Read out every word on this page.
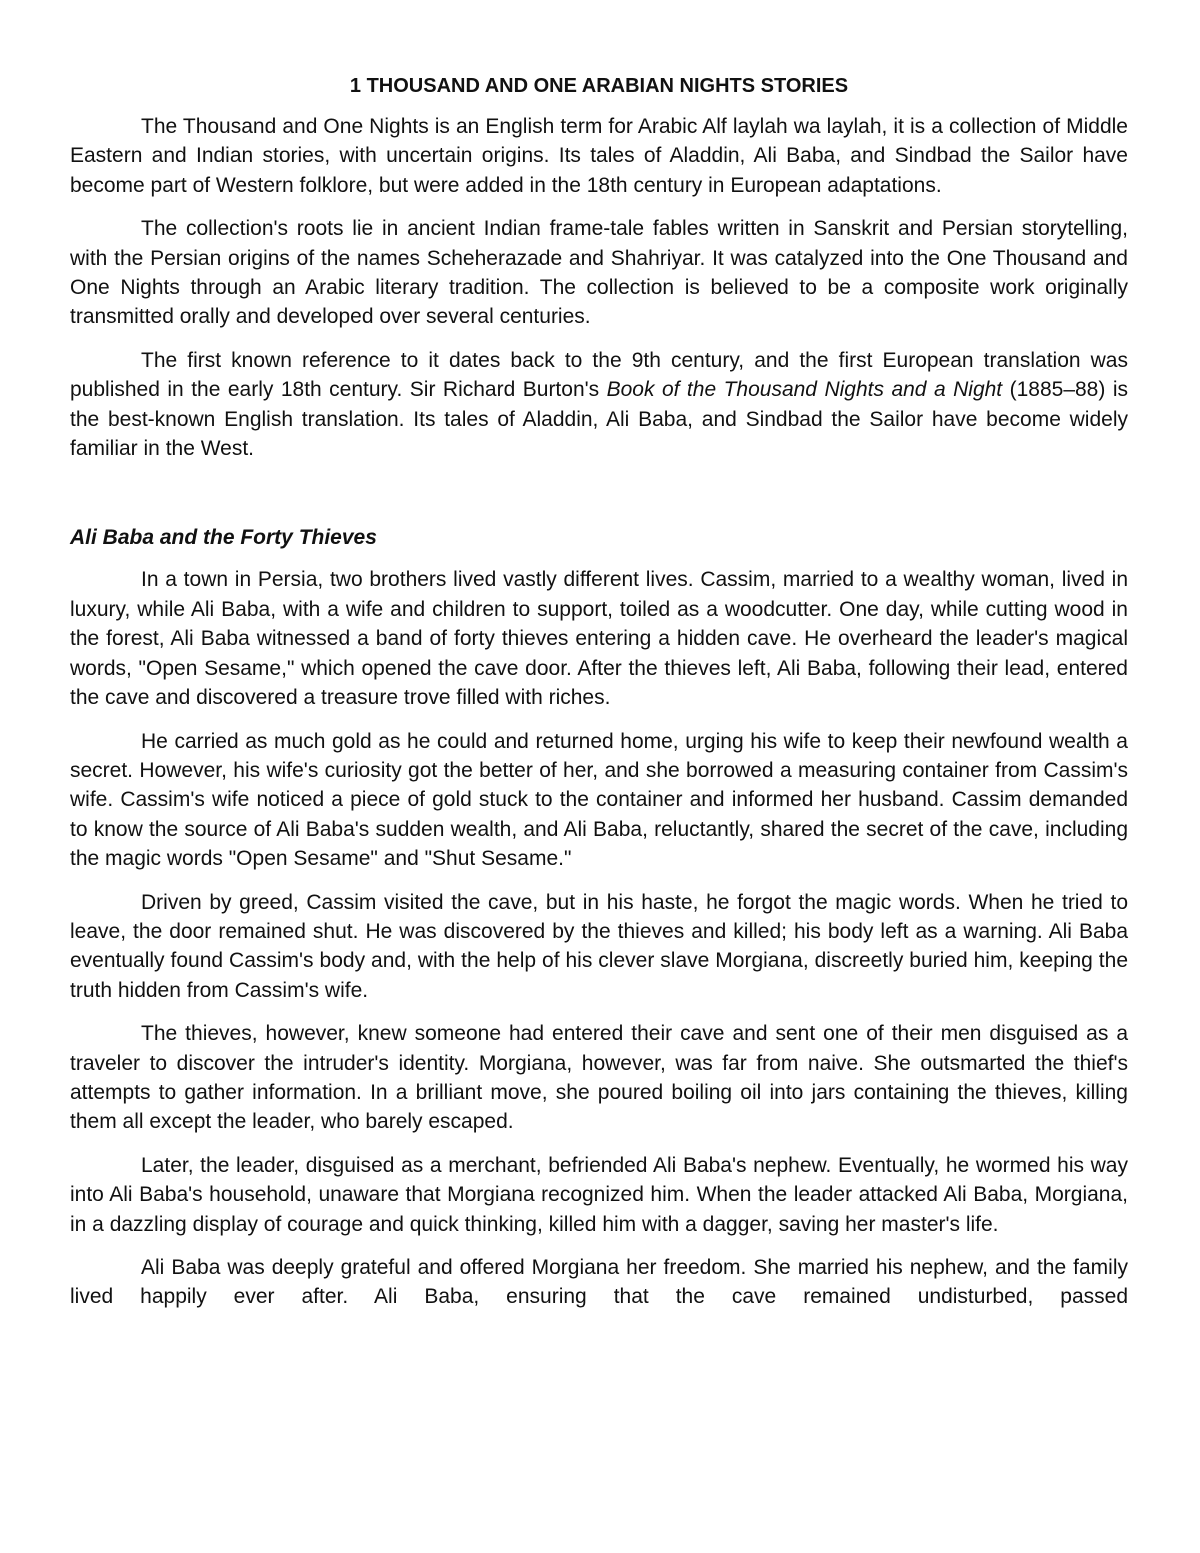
1 THOUSAND AND ONE ARABIAN NIGHTS STORIES

The Thousand and One Nights is an English term for Arabic Alf laylah wa laylah, it is a collection of Middle Eastern and Indian stories, with uncertain origins. Its tales of Aladdin, Ali Baba, and Sindbad the Sailor have become part of Western folklore, but were added in the 18th century in European adaptations.

The collection's roots lie in ancient Indian frame-tale fables written in Sanskrit and Persian storytelling, with the Persian origins of the names Scheherazade and Shahriyar. It was catalyzed into the One Thousand and One Nights through an Arabic literary tradition. The collection is believed to be a composite work originally transmitted orally and developed over several centuries.

The first known reference to it dates back to the 9th century, and the first European translation was published in the early 18th century. Sir Richard Burton's Book of the Thousand Nights and a Night (1885–88) is the best-known English translation. Its tales of Aladdin, Ali Baba, and Sindbad the Sailor have become widely familiar in the West.

Ali Baba and the Forty Thieves

In a town in Persia, two brothers lived vastly different lives. Cassim, married to a wealthy woman, lived in luxury, while Ali Baba, with a wife and children to support, toiled as a woodcutter. One day, while cutting wood in the forest, Ali Baba witnessed a band of forty thieves entering a hidden cave. He overheard the leader's magical words, "Open Sesame," which opened the cave door. After the thieves left, Ali Baba, following their lead, entered the cave and discovered a treasure trove filled with riches.

He carried as much gold as he could and returned home, urging his wife to keep their newfound wealth a secret. However, his wife's curiosity got the better of her, and she borrowed a measuring container from Cassim's wife. Cassim's wife noticed a piece of gold stuck to the container and informed her husband. Cassim demanded to know the source of Ali Baba's sudden wealth, and Ali Baba, reluctantly, shared the secret of the cave, including the magic words "Open Sesame" and "Shut Sesame."

Driven by greed, Cassim visited the cave, but in his haste, he forgot the magic words. When he tried to leave, the door remained shut. He was discovered by the thieves and killed; his body left as a warning. Ali Baba eventually found Cassim's body and, with the help of his clever slave Morgiana, discreetly buried him, keeping the truth hidden from Cassim's wife.

The thieves, however, knew someone had entered their cave and sent one of their men disguised as a traveler to discover the intruder's identity. Morgiana, however, was far from naive. She outsmarted the thief's attempts to gather information. In a brilliant move, she poured boiling oil into jars containing the thieves, killing them all except the leader, who barely escaped.

Later, the leader, disguised as a merchant, befriended Ali Baba's nephew. Eventually, he wormed his way into Ali Baba's household, unaware that Morgiana recognized him. When the leader attacked Ali Baba, Morgiana, in a dazzling display of courage and quick thinking, killed him with a dagger, saving her master's life.

Ali Baba was deeply grateful and offered Morgiana her freedom. She married his nephew, and the family lived happily ever after. Ali Baba, ensuring that the cave remained undisturbed, passed
